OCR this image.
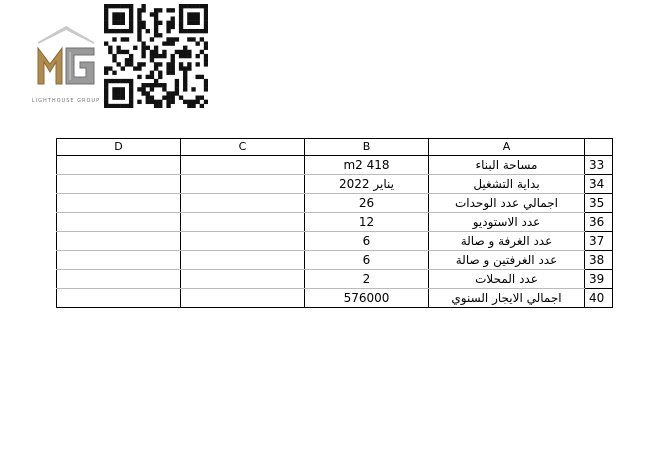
LIGHTHOUSE GROUP
D	C	B	A	
		m2 418	مساحة البناء	33
		يناير 2022	بداية التشغيل	34
		26	اجمالي عدد الوحدات	35
		12	عدد الاستوديو	36
		6	عدد الغرفة و صالة	37
		6	عدد الغرفتين و صالة	38
		2	عدد المحلات	39
		576000	اجمالي الايجار السنوي	40
